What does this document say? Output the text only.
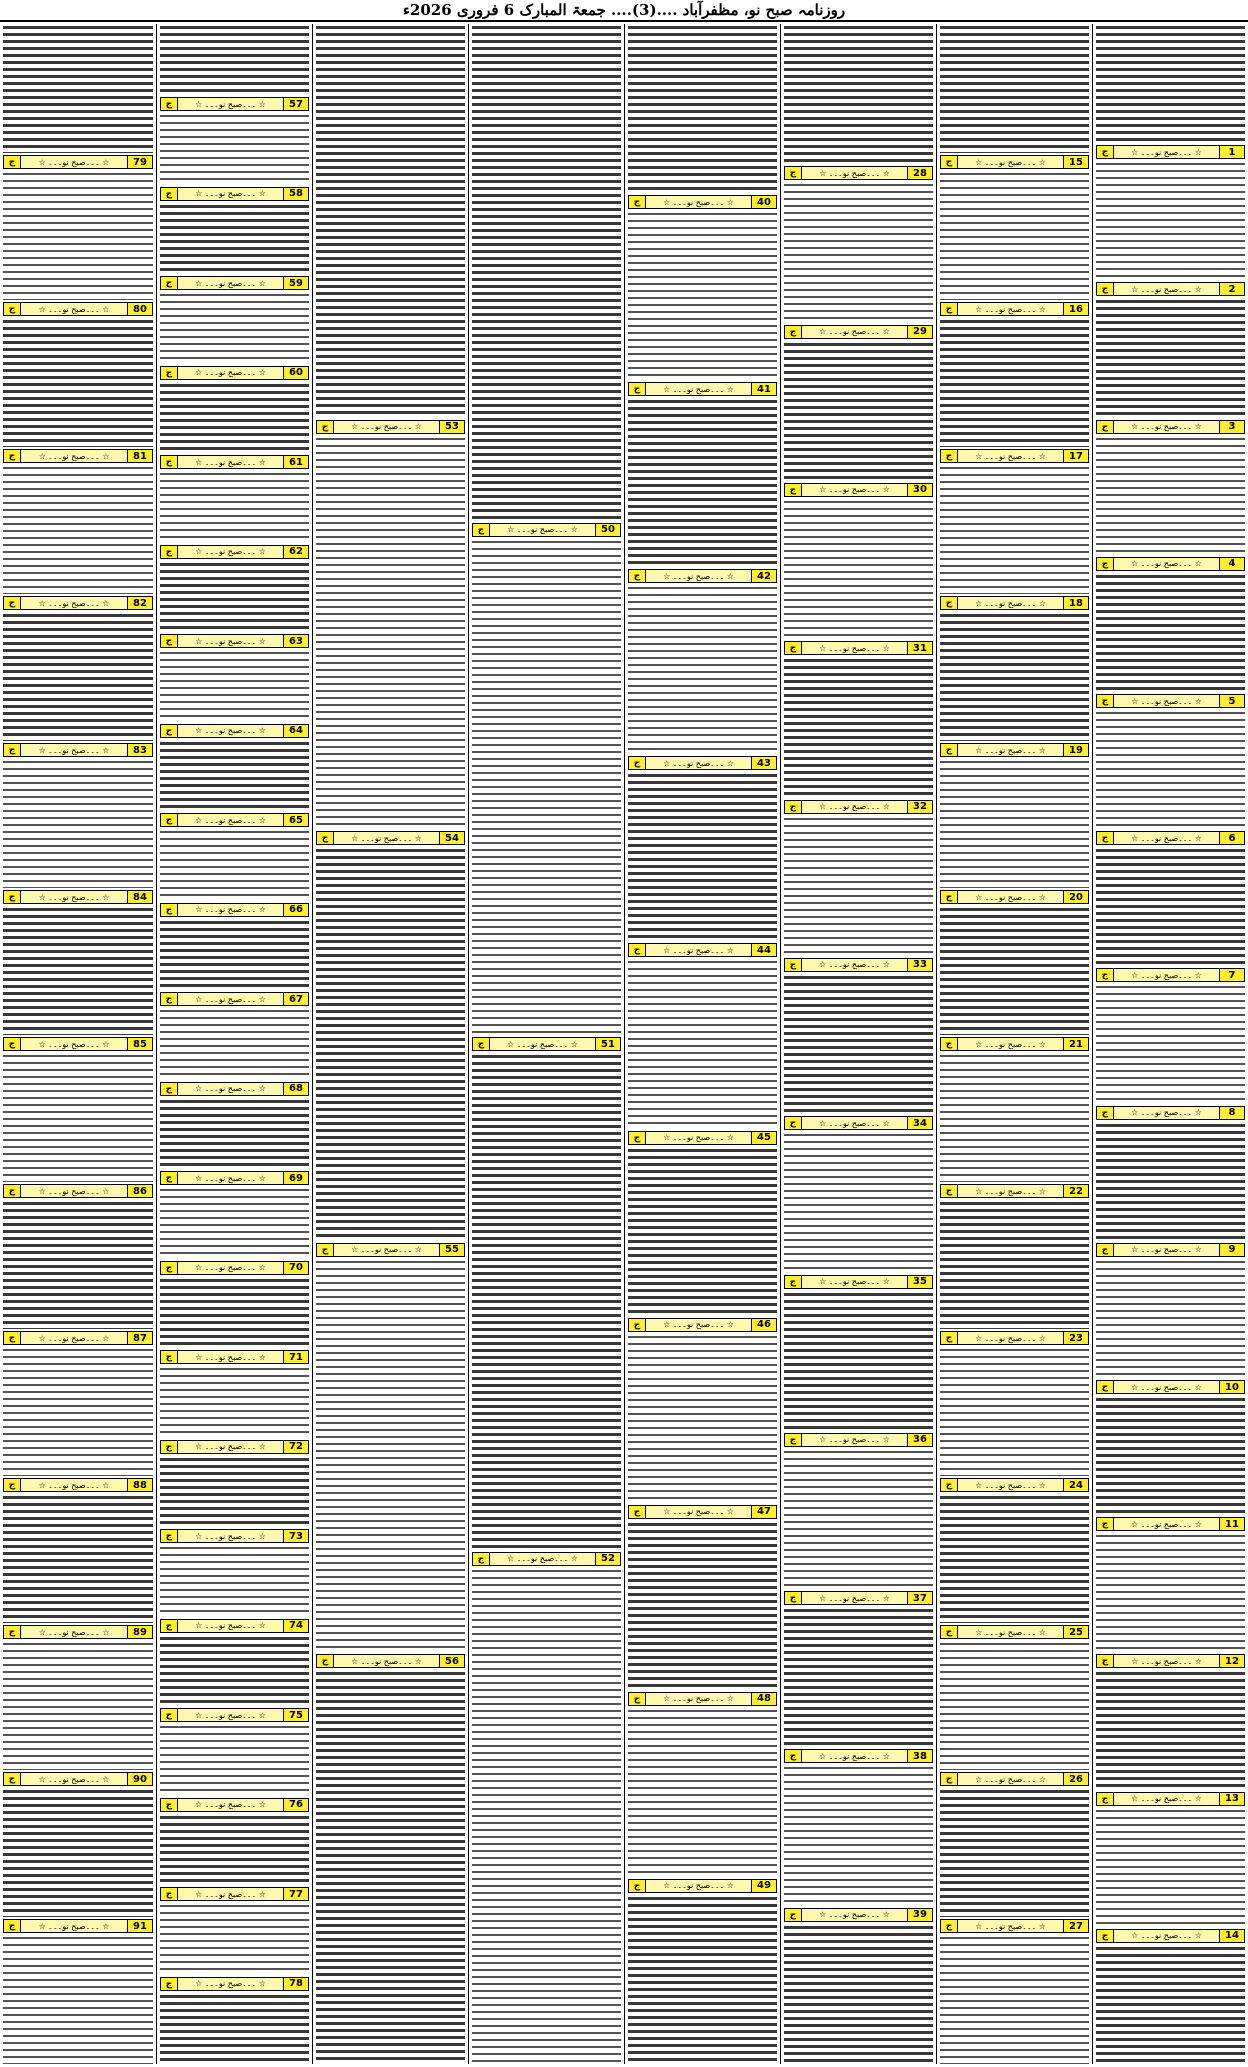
روزنامہ صبح نو، مظفرآباد ....(3).... جمعۃ المبارک 6 فروری 2026ء
1
☆ ۔۔۔صبح نو۔۔۔ ☆
ج
2
☆ ۔۔۔صبح نو۔۔۔ ☆
ج
3
☆ ۔۔۔صبح نو۔۔۔ ☆
ج
4
☆ ۔۔۔صبح نو۔۔۔ ☆
ج
5
☆ ۔۔۔صبح نو۔۔۔ ☆
ج
6
☆ ۔۔۔صبح نو۔۔۔ ☆
ج
7
☆ ۔۔۔صبح نو۔۔۔ ☆
ج
8
☆ ۔۔۔صبح نو۔۔۔ ☆
ج
9
☆ ۔۔۔صبح نو۔۔۔ ☆
ج
10
☆ ۔۔۔صبح نو۔۔۔ ☆
ج
11
☆ ۔۔۔صبح نو۔۔۔ ☆
ج
12
☆ ۔۔۔صبح نو۔۔۔ ☆
ج
13
☆ ۔۔۔صبح نو۔۔۔ ☆
ج
14
☆ ۔۔۔صبح نو۔۔۔ ☆
ج
15
☆ ۔۔۔صبح نو۔۔۔ ☆
ج
16
☆ ۔۔۔صبح نو۔۔۔ ☆
ج
17
☆ ۔۔۔صبح نو۔۔۔ ☆
ج
18
☆ ۔۔۔صبح نو۔۔۔ ☆
ج
19
☆ ۔۔۔صبح نو۔۔۔ ☆
ج
20
☆ ۔۔۔صبح نو۔۔۔ ☆
ج
21
☆ ۔۔۔صبح نو۔۔۔ ☆
ج
22
☆ ۔۔۔صبح نو۔۔۔ ☆
ج
23
☆ ۔۔۔صبح نو۔۔۔ ☆
ج
24
☆ ۔۔۔صبح نو۔۔۔ ☆
ج
25
☆ ۔۔۔صبح نو۔۔۔ ☆
ج
26
☆ ۔۔۔صبح نو۔۔۔ ☆
ج
27
☆ ۔۔۔صبح نو۔۔۔ ☆
ج
28
☆ ۔۔۔صبح نو۔۔۔ ☆
ج
29
☆ ۔۔۔صبح نو۔۔۔ ☆
ج
30
☆ ۔۔۔صبح نو۔۔۔ ☆
ج
31
☆ ۔۔۔صبح نو۔۔۔ ☆
ج
32
☆ ۔۔۔صبح نو۔۔۔ ☆
ج
33
☆ ۔۔۔صبح نو۔۔۔ ☆
ج
34
☆ ۔۔۔صبح نو۔۔۔ ☆
ج
35
☆ ۔۔۔صبح نو۔۔۔ ☆
ج
36
☆ ۔۔۔صبح نو۔۔۔ ☆
ج
37
☆ ۔۔۔صبح نو۔۔۔ ☆
ج
38
☆ ۔۔۔صبح نو۔۔۔ ☆
ج
39
☆ ۔۔۔صبح نو۔۔۔ ☆
ج
40
☆ ۔۔۔صبح نو۔۔۔ ☆
ج
41
☆ ۔۔۔صبح نو۔۔۔ ☆
ج
42
☆ ۔۔۔صبح نو۔۔۔ ☆
ج
43
☆ ۔۔۔صبح نو۔۔۔ ☆
ج
44
☆ ۔۔۔صبح نو۔۔۔ ☆
ج
45
☆ ۔۔۔صبح نو۔۔۔ ☆
ج
46
☆ ۔۔۔صبح نو۔۔۔ ☆
ج
47
☆ ۔۔۔صبح نو۔۔۔ ☆
ج
48
☆ ۔۔۔صبح نو۔۔۔ ☆
ج
49
☆ ۔۔۔صبح نو۔۔۔ ☆
ج
50
☆ ۔۔۔صبح نو۔۔۔ ☆
ج
51
☆ ۔۔۔صبح نو۔۔۔ ☆
ج
52
☆ ۔۔۔صبح نو۔۔۔ ☆
ج
53
☆ ۔۔۔صبح نو۔۔۔ ☆
ج
54
☆ ۔۔۔صبح نو۔۔۔ ☆
ج
55
☆ ۔۔۔صبح نو۔۔۔ ☆
ج
56
☆ ۔۔۔صبح نو۔۔۔ ☆
ج
57
☆ ۔۔۔صبح نو۔۔۔ ☆
ج
58
☆ ۔۔۔صبح نو۔۔۔ ☆
ج
59
☆ ۔۔۔صبح نو۔۔۔ ☆
ج
60
☆ ۔۔۔صبح نو۔۔۔ ☆
ج
61
☆ ۔۔۔صبح نو۔۔۔ ☆
ج
62
☆ ۔۔۔صبح نو۔۔۔ ☆
ج
63
☆ ۔۔۔صبح نو۔۔۔ ☆
ج
64
☆ ۔۔۔صبح نو۔۔۔ ☆
ج
65
☆ ۔۔۔صبح نو۔۔۔ ☆
ج
66
☆ ۔۔۔صبح نو۔۔۔ ☆
ج
67
☆ ۔۔۔صبح نو۔۔۔ ☆
ج
68
☆ ۔۔۔صبح نو۔۔۔ ☆
ج
69
☆ ۔۔۔صبح نو۔۔۔ ☆
ج
70
☆ ۔۔۔صبح نو۔۔۔ ☆
ج
71
☆ ۔۔۔صبح نو۔۔۔ ☆
ج
72
☆ ۔۔۔صبح نو۔۔۔ ☆
ج
73
☆ ۔۔۔صبح نو۔۔۔ ☆
ج
74
☆ ۔۔۔صبح نو۔۔۔ ☆
ج
75
☆ ۔۔۔صبح نو۔۔۔ ☆
ج
76
☆ ۔۔۔صبح نو۔۔۔ ☆
ج
77
☆ ۔۔۔صبح نو۔۔۔ ☆
ج
78
☆ ۔۔۔صبح نو۔۔۔ ☆
ج
79
☆ ۔۔۔صبح نو۔۔۔ ☆
ج
80
☆ ۔۔۔صبح نو۔۔۔ ☆
ج
81
☆ ۔۔۔صبح نو۔۔۔ ☆
ج
82
☆ ۔۔۔صبح نو۔۔۔ ☆
ج
83
☆ ۔۔۔صبح نو۔۔۔ ☆
ج
84
☆ ۔۔۔صبح نو۔۔۔ ☆
ج
85
☆ ۔۔۔صبح نو۔۔۔ ☆
ج
86
☆ ۔۔۔صبح نو۔۔۔ ☆
ج
87
☆ ۔۔۔صبح نو۔۔۔ ☆
ج
88
☆ ۔۔۔صبح نو۔۔۔ ☆
ج
89
☆ ۔۔۔صبح نو۔۔۔ ☆
ج
90
☆ ۔۔۔صبح نو۔۔۔ ☆
ج
91
☆ ۔۔۔صبح نو۔۔۔ ☆
ج
